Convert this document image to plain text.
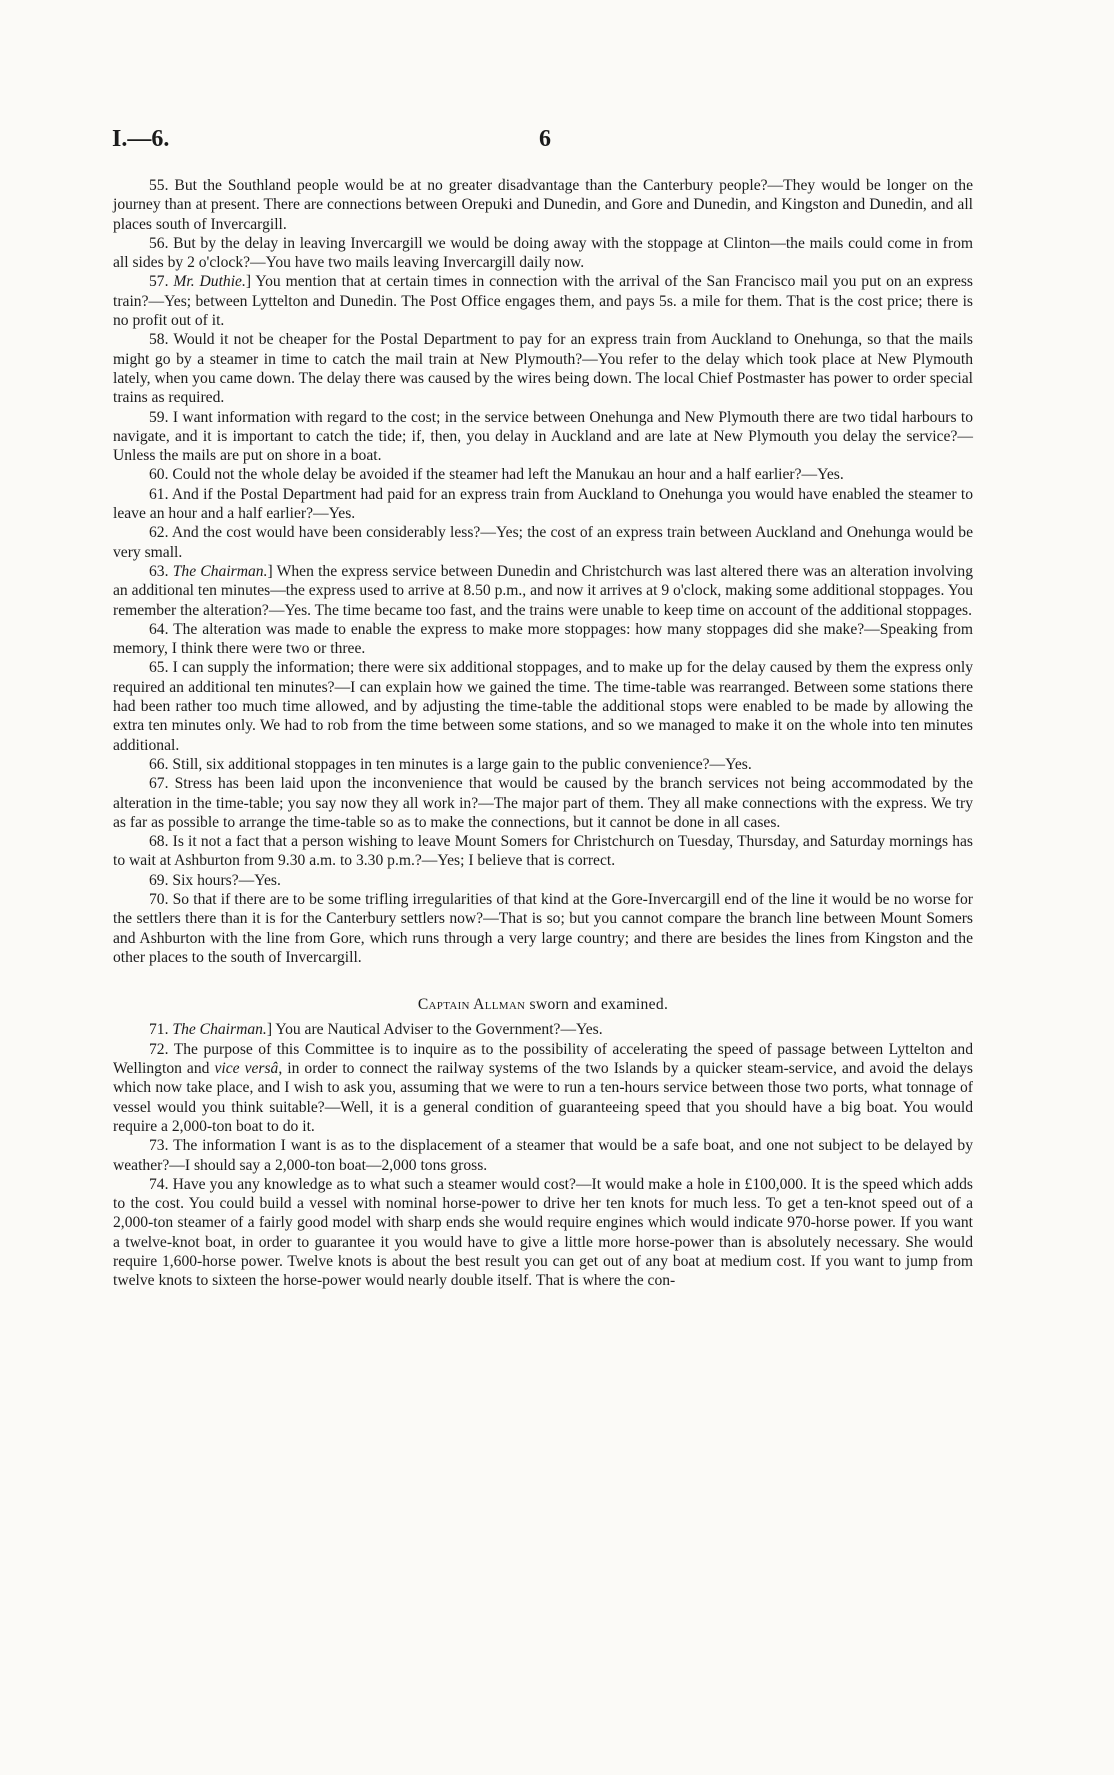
I.—6.	6

55. But the Southland people would be at no greater disadvantage than the Canterbury people?—They would be longer on the journey than at present. There are connections between Orepuki and Dunedin, and Gore and Dunedin, and Kingston and Dunedin, and all places south of Invercargill.

56. But by the delay in leaving Invercargill we would be doing away with the stoppage at Clinton—the mails could come in from all sides by 2 o'clock?—You have two mails leaving Invercargill daily now.

57. Mr. Duthie.] You mention that at certain times in connection with the arrival of the San Francisco mail you put on an express train?—Yes; between Lyttelton and Dunedin. The Post Office engages them, and pays 5s. a mile for them. That is the cost price; there is no profit out of it.

58. Would it not be cheaper for the Postal Department to pay for an express train from Auckland to Onehunga, so that the mails might go by a steamer in time to catch the mail train at New Plymouth?—You refer to the delay which took place at New Plymouth lately, when you came down. The delay there was caused by the wires being down. The local Chief Postmaster has power to order special trains as required.

59. I want information with regard to the cost; in the service between Onehunga and New Plymouth there are two tidal harbours to navigate, and it is important to catch the tide; if, then, you delay in Auckland and are late at New Plymouth you delay the service?—Unless the mails are put on shore in a boat.

60. Could not the whole delay be avoided if the steamer had left the Manukau an hour and a half earlier?—Yes.

61. And if the Postal Department had paid for an express train from Auckland to Onehunga you would have enabled the steamer to leave an hour and a half earlier?—Yes.

62. And the cost would have been considerably less?—Yes; the cost of an express train between Auckland and Onehunga would be very small.

63. The Chairman.] When the express service between Dunedin and Christchurch was last altered there was an alteration involving an additional ten minutes—the express used to arrive at 8.50 p.m., and now it arrives at 9 o'clock, making some additional stoppages. You remember the alteration?—Yes. The time became too fast, and the trains were unable to keep time on account of the additional stoppages.

64. The alteration was made to enable the express to make more stoppages: how many stoppages did she make?—Speaking from memory, I think there were two or three.

65. I can supply the information; there were six additional stoppages, and to make up for the delay caused by them the express only required an additional ten minutes?—I can explain how we gained the time. The time-table was rearranged. Between some stations there had been rather too much time allowed, and by adjusting the time-table the additional stops were enabled to be made by allowing the extra ten minutes only. We had to rob from the time between some stations, and so we managed to make it on the whole into ten minutes additional.

66. Still, six additional stoppages in ten minutes is a large gain to the public convenience?—Yes.

67. Stress has been laid upon the inconvenience that would be caused by the branch services not being accommodated by the alteration in the time-table; you say now they all work in?—The major part of them. They all make connections with the express. We try as far as possible to arrange the time-table so as to make the connections, but it cannot be done in all cases.

68. Is it not a fact that a person wishing to leave Mount Somers for Christchurch on Tuesday, Thursday, and Saturday mornings has to wait at Ashburton from 9.30 a.m. to 3.30 p.m.?—Yes; I believe that is correct.

69. Six hours?—Yes.

70. So that if there are to be some trifling irregularities of that kind at the Gore-Invercargill end of the line it would be no worse for the settlers there than it is for the Canterbury settlers now?—That is so; but you cannot compare the branch line between Mount Somers and Ashburton with the line from Gore, which runs through a very large country; and there are besides the lines from Kingston and the other places to the south of Invercargill.

Captain Allman sworn and examined.

71. The Chairman.] You are Nautical Adviser to the Government?—Yes.

72. The purpose of this Committee is to inquire as to the possibility of accelerating the speed of passage between Lyttelton and Wellington and vice versâ, in order to connect the railway systems of the two Islands by a quicker steam-service, and avoid the delays which now take place, and I wish to ask you, assuming that we were to run a ten-hours service between those two ports, what tonnage of vessel would you think suitable?—Well, it is a general condition of guaranteeing speed that you should have a big boat. You would require a 2,000-ton boat to do it.

73. The information I want is as to the displacement of a steamer that would be a safe boat, and one not subject to be delayed by weather?—I should say a 2,000-ton boat—2,000 tons gross.

74. Have you any knowledge as to what such a steamer would cost?—It would make a hole in £100,000. It is the speed which adds to the cost. You could build a vessel with nominal horse-power to drive her ten knots for much less. To get a ten-knot speed out of a 2,000-ton steamer of a fairly good model with sharp ends she would require engines which would indicate 970-horse power. If you want a twelve-knot boat, in order to guarantee it you would have to give a little more horse-power than is absolutely necessary. She would require 1,600-horse power. Twelve knots is about the best result you can get out of any boat at medium cost. If you want to jump from twelve knots to sixteen the horse-power would nearly double itself. That is where the con-
